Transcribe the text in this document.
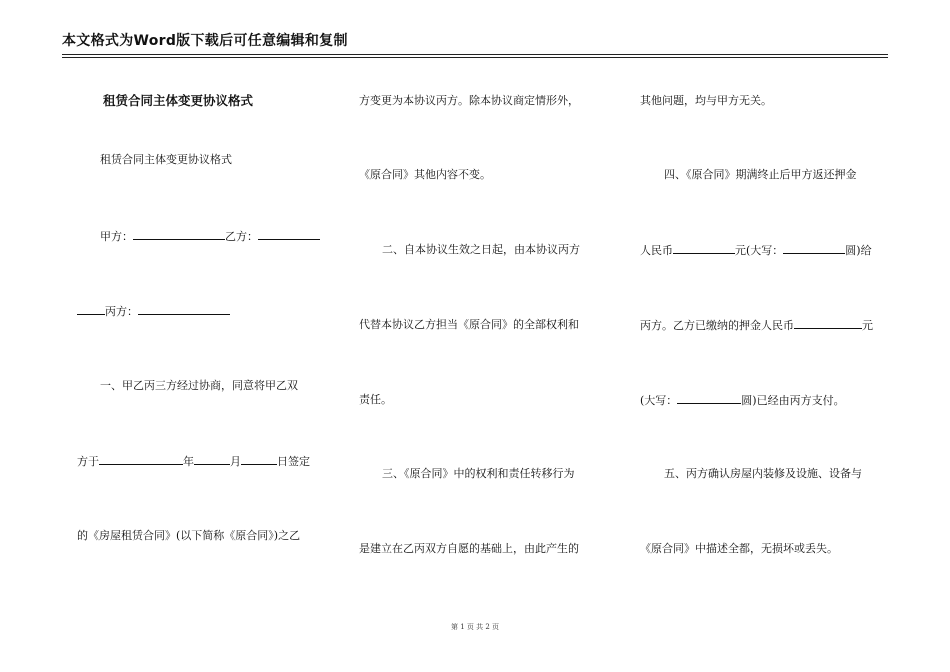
本文格式为Word版下载后可任意编辑和复制
租赁合同主体变更协议格式
租赁合同主体变更协议格式
甲方：	乙方：
丙方：
一、甲乙丙三方经过协商，同意将甲乙双
方于	年	月	日签定
的《房屋租赁合同》(以下简称《原合同》)之乙
方变更为本协议丙方。除本协议商定情形外，
《原合同》其他内容不变。
二、自本协议生效之日起，由本协议丙方
代替本协议乙方担当《原合同》的全部权利和
责任。
三、《原合同》中的权利和责任转移行为
是建立在乙丙双方自愿的基础上，由此产生的
其他问题，均与甲方无关。
四、《原合同》期满终止后甲方返还押金
人民币	元(大写：	圆)给
丙方。乙方已缴纳的押金人民币	元
(大写：	圆)已经由丙方支付。
五、丙方确认房屋内装修及设施、设备与
《原合同》中描述全都，无损坏或丢失。
第 1 页 共 2 页
